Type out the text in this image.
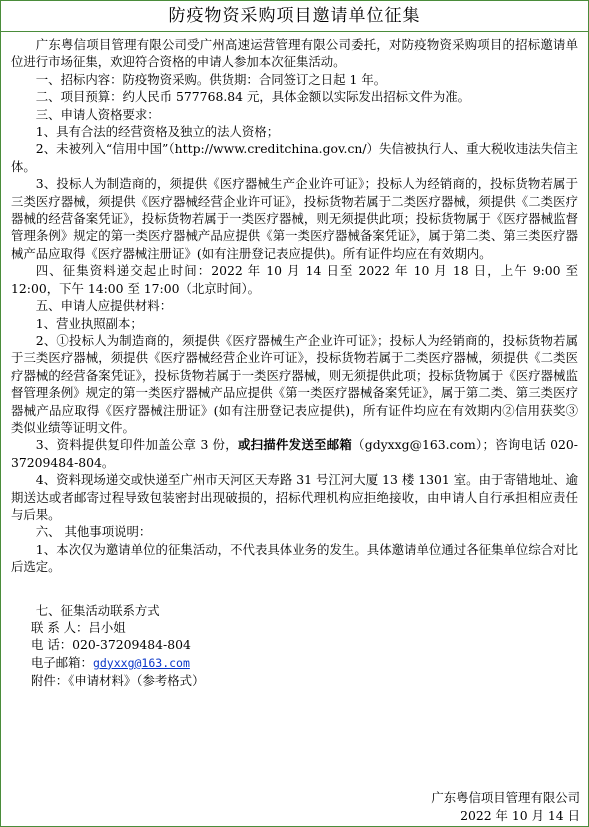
防疫物资采购项目邀请单位征集

广东粤信项目管理有限公司受广州高速运营管理有限公司委托，对防疫物资采购项目的招标邀请单位进行市场征集，欢迎符合资格的申请人参加本次征集活动。

一、招标内容：防疫物资采购。供货期：合同签订之日起 1 年。

二、项目预算：约人民币 577768.84 元，具体金额以实际发出招标文件为准。

三、申请人资格要求：

1、具有合法的经营资格及独立的法人资格；

2、未被列入“信用中国”（http://www.creditchina.gov.cn/）失信被执行人、重大税收违法失信主体。

3、投标人为制造商的，须提供《医疗器械生产企业许可证》；投标人为经销商的，投标货物若属于三类医疗器械，须提供《医疗器械经营企业许可证》，投标货物若属于二类医疗器械，须提供《二类医疗器械的经营备案凭证》，投标货物若属于一类医疗器械，则无须提供此项；投标货物属于《医疗器械监督管理条例》规定的第一类医疗器械产品应提供《第一类医疗器械备案凭证》，属于第二类、第三类医疗器械产品应取得《医疗器械注册证》(如有注册登记表应提供)。所有证件均应在有效期内。

四、征集资料递交起止时间：2022 年 10 月 14 日至 2022 年 10 月 18 日，上午 9:00 至 12:00，下午 14:00 至 17:00（北京时间）。

五、申请人应提供材料：

1、营业执照副本；

2、①投标人为制造商的，须提供《医疗器械生产企业许可证》；投标人为经销商的，投标货物若属于三类医疗器械，须提供《医疗器械经营企业许可证》，投标货物若属于二类医疗器械，须提供《二类医疗器械的经营备案凭证》，投标货物若属于一类医疗器械，则无须提供此项；投标货物属于《医疗器械监督管理条例》规定的第一类医疗器械产品应提供《第一类医疗器械备案凭证》，属于第二类、第三类医疗器械产品应取得《医疗器械注册证》(如有注册登记表应提供)，所有证件均应在有效期内②信用获奖③类似业绩等证明文件。

3、资料提供复印件加盖公章 3 份，或扫描件发送至邮箱（gdyxxg@163.com）；咨询电话 020-37209484-804。

4、资料现场递交或快递至广州市天河区天寿路 31 号江河大厦 13 楼 1301 室。由于寄错地址、逾期送达或者邮寄过程导致包装密封出现破损的，招标代理机构应拒绝接收，由申请人自行承担相应责任与后果。

六、 其他事项说明：

1、本次仅为邀请单位的征集活动，不代表具体业务的发生。具体邀请单位通过各征集单位综合对比后选定。

七、征集活动联系方式

联 系 人：吕小姐

电 话：020-37209484-804

电子邮箱：gdyxxg@163.com

附件：《申请材料》（参考格式）

广东粤信项目管理有限公司
2022 年 10 月 14 日
